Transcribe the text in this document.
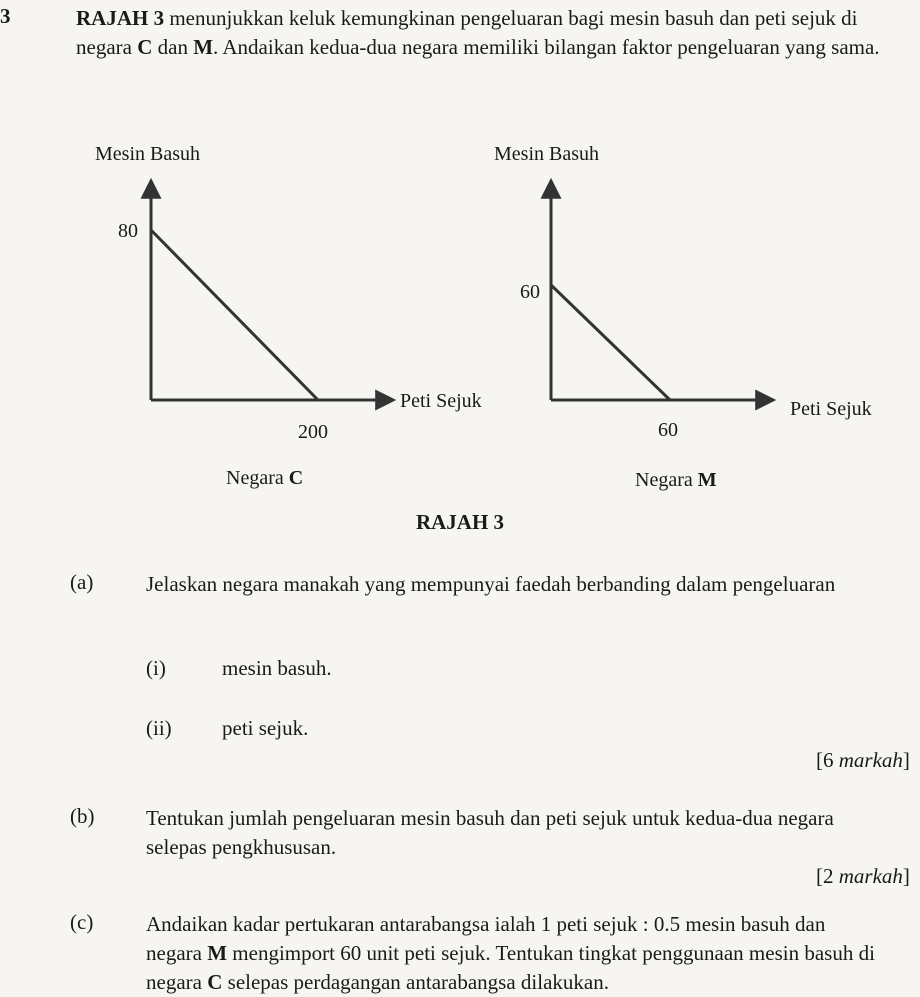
3	RAJAH 3 menunjukkan keluk kemungkinan pengeluaran bagi mesin basuh dan peti sejuk di negara C dan M. Andaikan kedua-dua negara memiliki bilangan faktor pengeluaran yang sama.
Mesin Basuh
80
200
Peti Sejuk
Negara C
Mesin Basuh
60
60
Peti Sejuk
Negara M
RAJAH 3
(a)	Jelaskan negara manakah yang mempunyai faedah berbanding dalam pengeluaran
(i)	mesin basuh.
(ii) peti sejuk.
[6 markah]
(b) Tentukan jumlah pengeluaran mesin basuh dan peti sejuk untuk kedua-dua negara selepas pengkhususan.
[2 markah]
(c)	Andaikan kadar pertukaran antarabangsa ialah 1 peti sejuk : 0.5 mesin basuh dan negara M mengimport 60 unit peti sejuk. Tentukan tingkat penggunaan mesin basuh di negara C selepas perdagangan antarabangsa dilakukan.
